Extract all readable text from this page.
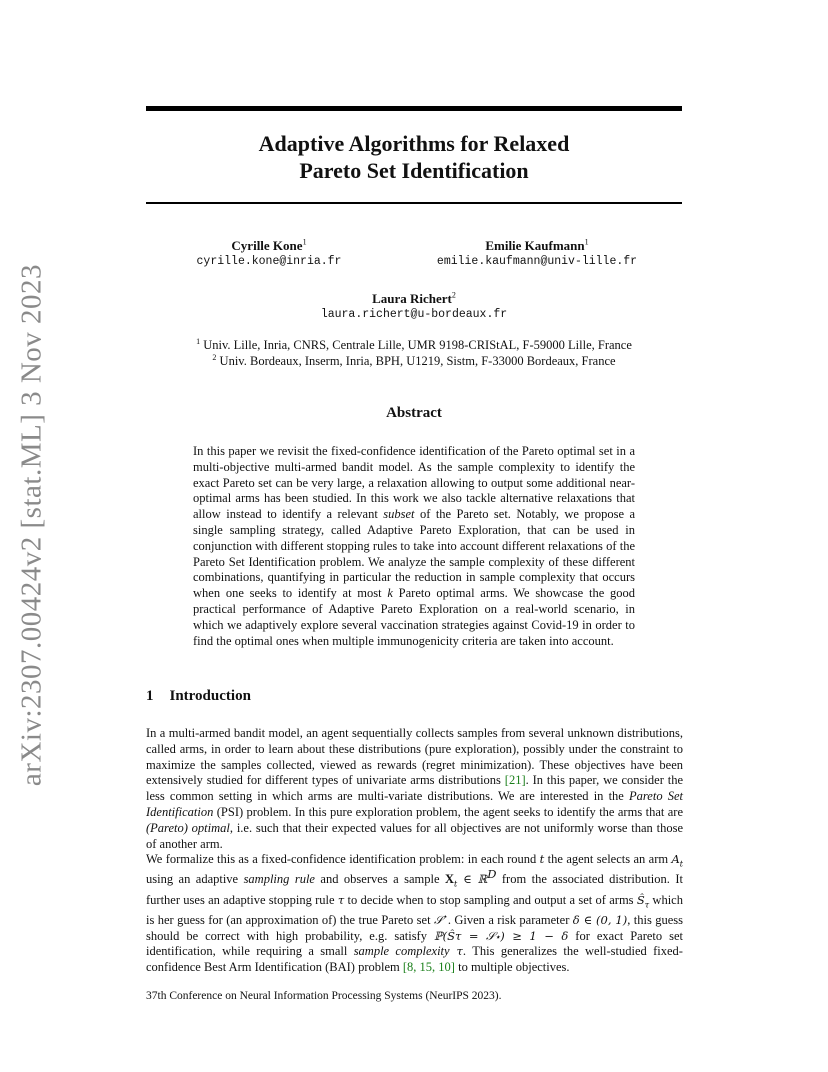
arXiv:2307.00424v2 [stat.ML] 3 Nov 2023
Adaptive Algorithms for Relaxed
Pareto Set Identification
Cyrille Kone$^1$
cyrille.kone@inria.fr
Emilie Kaufmann$^1$
emilie.kaufmann@univ-lille.fr
Laura Richert$^2$
laura.richert@u-bordeaux.fr
$^1$ Univ. Lille, Inria, CNRS, Centrale Lille, UMR 9198-CRIStAL, F-59000 Lille, France
$^2$ Univ. Bordeaux, Inserm, Inria, BPH, U1219, Sistm, F-33000 Bordeaux, France
Abstract
In this paper we revisit the fixed-confidence identification of the Pareto optimal set in a multi-objective multi-armed bandit model. As the sample complexity to identify the exact Pareto set can be very large, a relaxation allowing to output some additional near-optimal arms has been studied. In this work we also tackle alternative relaxations that allow instead to identify a relevant subset of the Pareto set. Notably, we propose a single sampling strategy, called Adaptive Pareto Exploration, that can be used in conjunction with different stopping rules to take into account different relaxations of the Pareto Set Identification problem. We analyze the sample complexity of these different combinations, quantifying in particular the reduction in sample complexity that occurs when one seeks to identify at most k Pareto optimal arms. We showcase the good practical performance of Adaptive Pareto Exploration on a real-world scenario, in which we adaptively explore several vaccination strategies against Covid-19 in order to find the optimal ones when multiple immunogenicity criteria are taken into account.
1 Introduction
In a multi-armed bandit model, an agent sequentially collects samples from several unknown distributions, called arms, in order to learn about these distributions (pure exploration), possibly under the constraint to maximize the samples collected, viewed as rewards (regret minimization). These objectives have been extensively studied for different types of univariate arms distributions [21]. In this paper, we consider the less common setting in which arms are multi-variate distributions. We are interested in the Pareto Set Identification (PSI) problem. In this pure exploration problem, the agent seeks to identify the arms that are (Pareto) optimal, i.e. such that their expected values for all objectives are not uniformly worse than those of another arm.
We formalize this as a fixed-confidence identification problem: in each round t the agent selects an arm $A_t$ using an adaptive sampling rule and observes a sample $X_t$ ∈ ℝ$^D$ from the associated distribution. It further uses an adaptive stopping rule τ to decide when to stop sampling and output a set of arms $Ŝ_\tau$ which is her guess for (an approximation of) the true Pareto set 𝒮⋆. Given a risk parameter δ ∈ (0, 1), this guess should be correct with high probability, e.g. satisfy ℙ(Ŝτ = 𝒮⋆) ≥ 1 − δ for exact Pareto set identification, while requiring a small sample complexity τ. This generalizes the well-studied fixed-confidence Best Arm Identification (BAI) problem [8, 15, 10] to multiple objectives.
37th Conference on Neural Information Processing Systems (NeurIPS 2023).
